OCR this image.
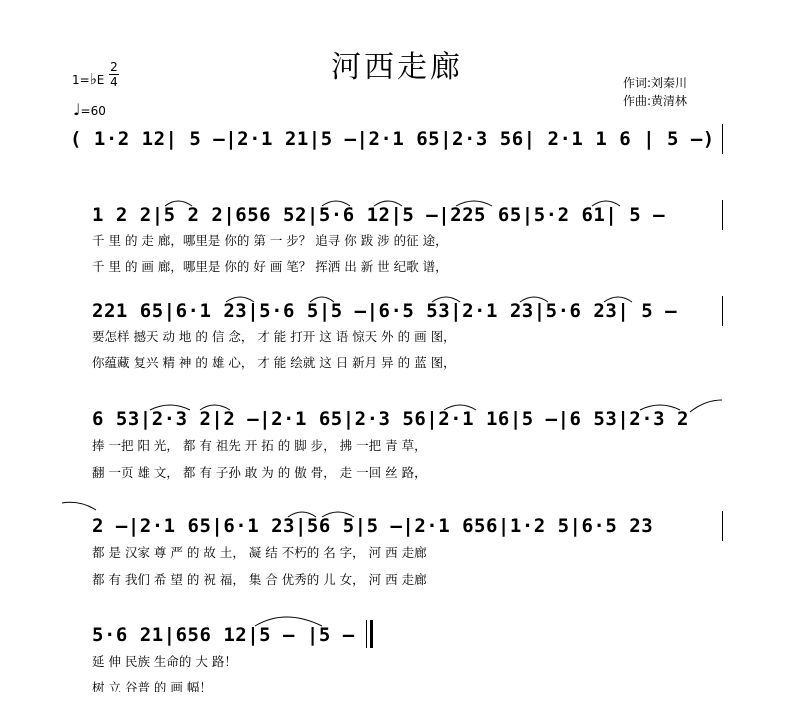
河西走廊
1=♭E
2
4
♩=60
作词:刘秦川
作曲:黄清林
( 1·2 12| 5 –|2·1 21|5 –|2·1 65|2·3 56| 2·1 1 6 | 5 –)
1 2 2|5 2 2|656 52|5·6 12|5 –|225 65|5·2 61| 5 –
千 里 的 走 廊，哪里是 你的 第 一 步？ 追寻 你 跋 涉 的征 途，
千 里 的 画 廊，哪里是 你的 好 画 笔？ 挥洒 出 新 世 纪歌 谱，
221 65|6·1 23|5·6 5|5 –|6·5 53|2·1 23|5·6 23| 5 –
要怎样 撼天 动 地 的 信 念， 才 能 打开 这 语 惊天 外 的 画 图，
你蕴藏 复兴 精 神 的 雄 心， 才 能 绘就 这 日 新月 异 的 蓝 图，
6 53|2·3 2|2 –|2·1 65|2·3 56|2·1 16|5 –|6 53|2·3 2
捧 一把 阳 光， 都 有 祖先 开 拓 的 脚 步， 拂 一把 青 草，
翻 一页 雄 文， 都 有 子孙 敢 为 的 傲 骨， 走 一回 丝 路，
2 –|2·1 65|6·1 23|56 5|5 –|2·1 656|1·2 5|6·5 23
都 是 汉家 尊 严 的 故 土， 凝 结 不朽的 名 字， 河 西 走廊
都 有 我们 希 望 的 祝 福， 集 合 优秀的 儿 女， 河 西 走廊
5·6 21|656 12|5 – |5 –
延 伸 民族 生命的 大 路！
树 立 谷普 的 画 幅！
